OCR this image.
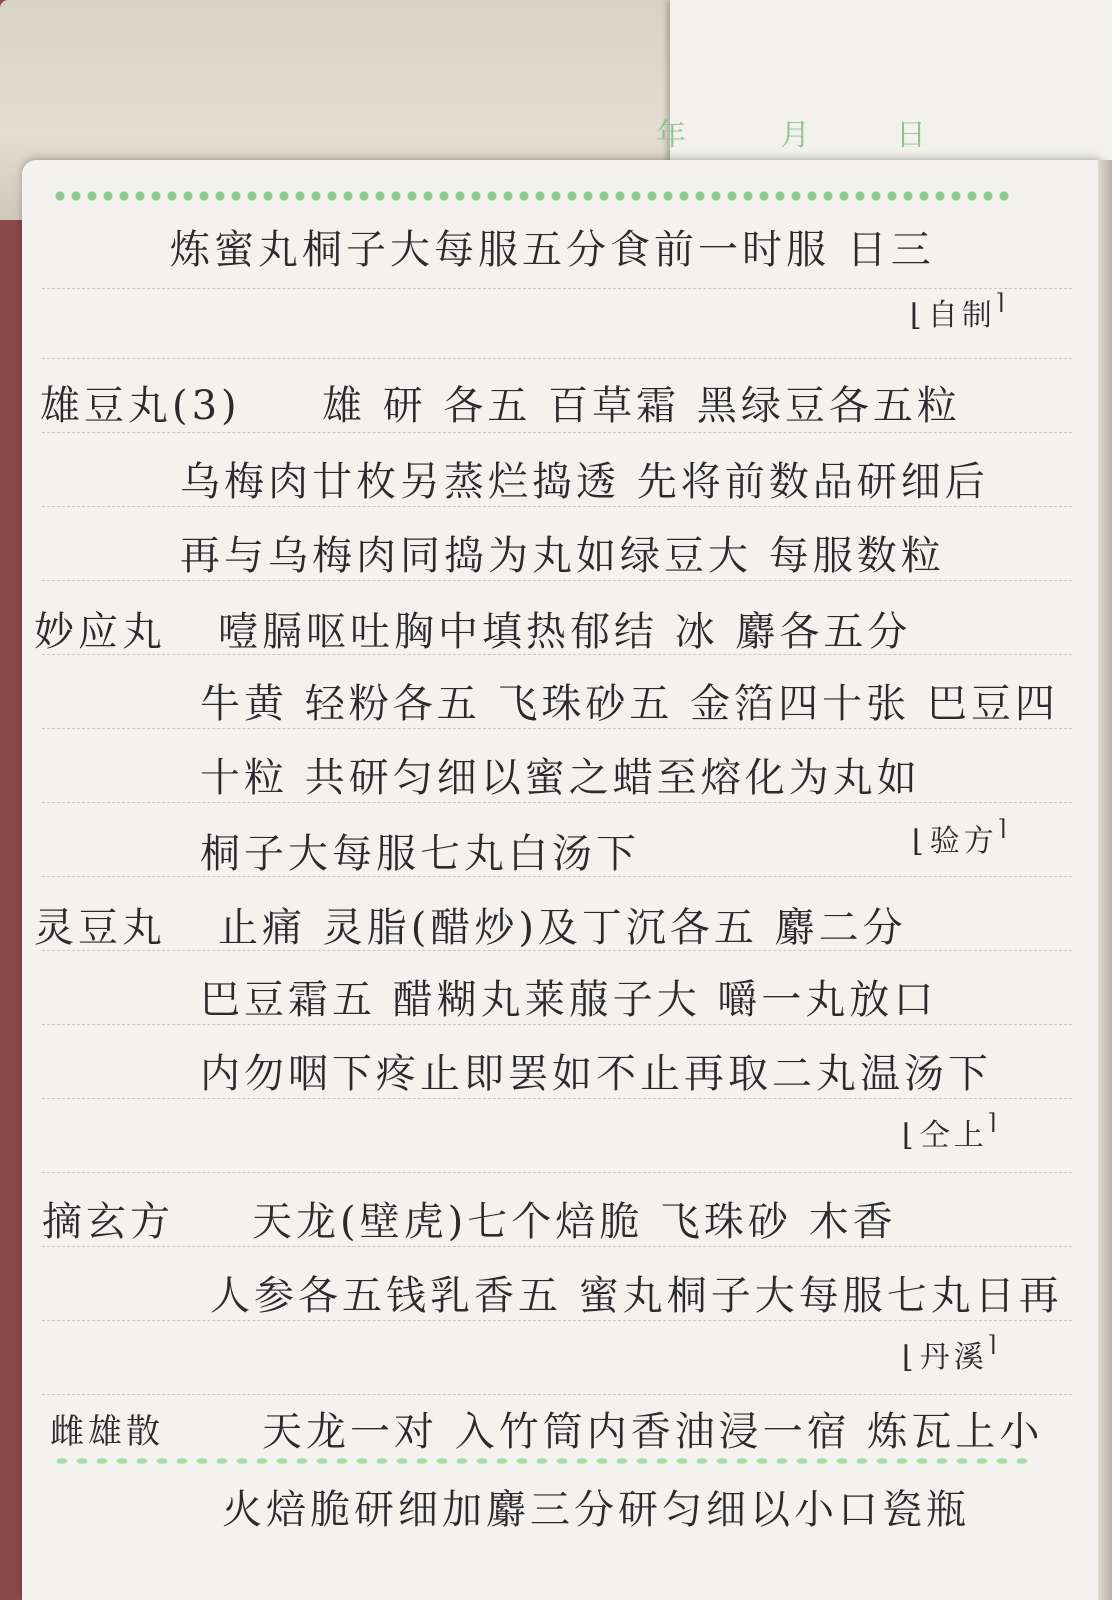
年	月	日
炼蜜丸桐子大每服五分食前一时服 日三
⌊ 自制 ⌉
雄豆丸(3) 雄 研 各五 百草霜 黑绿豆各五粒
乌梅肉廿枚另蒸烂捣透 先将前数品研细后
再与乌梅肉同捣为丸如绿豆大 每服数粒
妙应丸 噎膈呕吐胸中填热郁结 冰 麝各五分
牛黄 轻粉各五 飞珠砂五 金箔四十张 巴豆四
十粒 共研匀细以蜜之蜡至熔化为丸如
桐子大每服七丸白汤下
⌊	验方 ⌉
灵豆丸 止痛 灵脂(醋炒)及丁沉各五 麝二分
巴豆霜五 醋糊丸莱菔子大 嚼一丸放口
内勿咽下疼止即罢如不止再取二丸温汤下
⌊ 仝上 ⌉
摘玄方 天龙(壁虎)七个焙脆 飞珠砂 木香
人参各五钱乳香五 蜜丸桐子大每服七丸日再
⌊ 丹溪 ⌉
雌雄散 天龙一对 入竹筒内香油浸一宿 炼瓦上小
火焙脆研细加麝三分研匀细以小口瓷瓶
